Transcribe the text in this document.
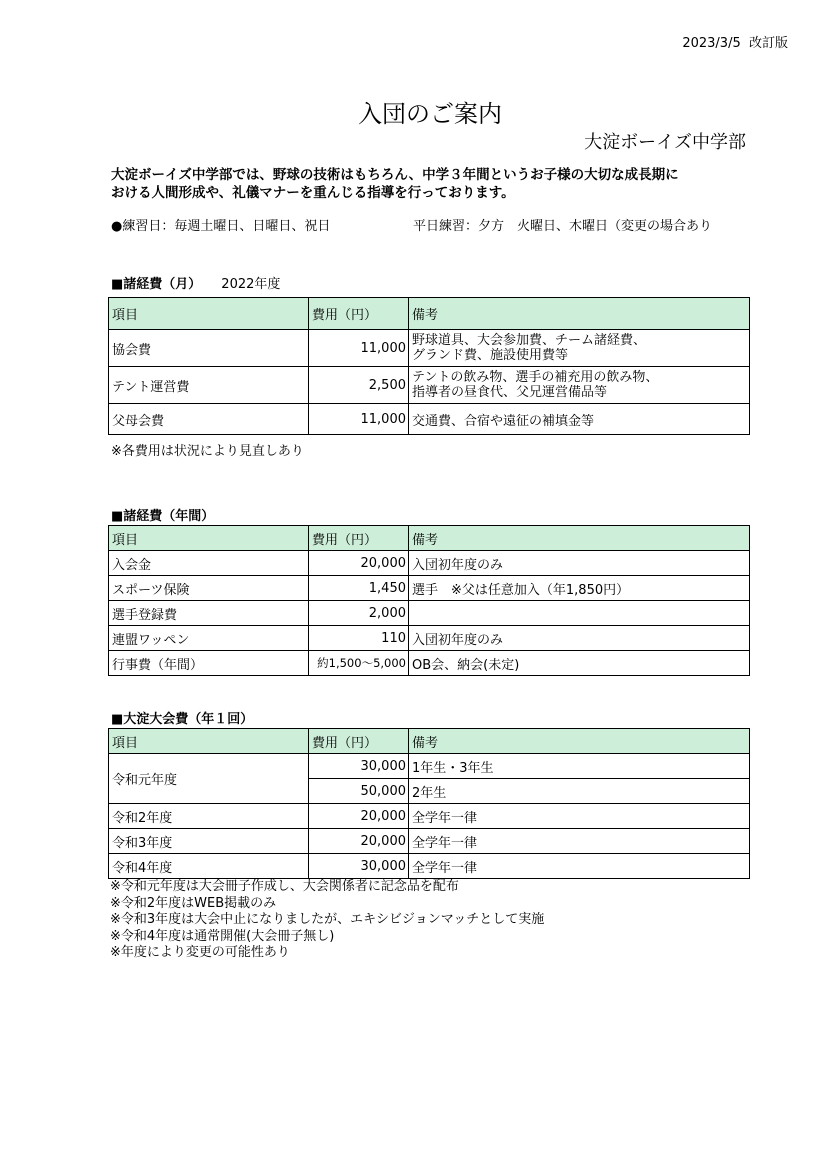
2023/3/5 改訂版
入団のご案内
大淀ボーイズ中学部
大淀ボーイズ中学部では、野球の技術はもちろん、中学３年間というお子様の大切な成長期に
おける人間形成や、礼儀マナーを重んじる指導を行っております。
●練習日：毎週土曜日、日曜日、祝日	平日練習：夕方　火曜日、木曜日（変更の場合あり
■諸経費（月） 2022年度
項目	費用（円）	備考
協会費	11,000	野球道具、大会参加費、チーム諸経費、
グランド費、施設使用費等

テント運営費	2,500	テントの飲み物、選手の補充用の飲み物、
指導者の昼食代、父兄運営備品等

父母会費	11,000	交通費、合宿や遠征の補填金等
※各費用は状況により見直しあり
■諸経費（年間）
項目	費用（円）	備考
入会金	20,000	入団初年度のみ
スポーツ保険	1,450	選手　※父は任意加入（年1,850円）
選手登録費	2,000	
連盟ワッペン	110	入団初年度のみ
行事費（年間）	約1,500～5,000	OB会、納会(未定)
■大淀大会費（年１回）
項目	費用（円）	備考
令和元年度	30,000	1年生・3年生
	50,000	2年生
令和2年度	20,000	全学年一律
令和3年度	20,000	全学年一律
令和4年度	30,000	全学年一律
※令和元年度は大会冊子作成し、大会関係者に記念品を配布
※令和2年度はWEB掲載のみ
※令和3年度は大会中止になりましたが、エキシビジョンマッチとして実施
※令和4年度は通常開催(大会冊子無し)
※年度により変更の可能性あり
